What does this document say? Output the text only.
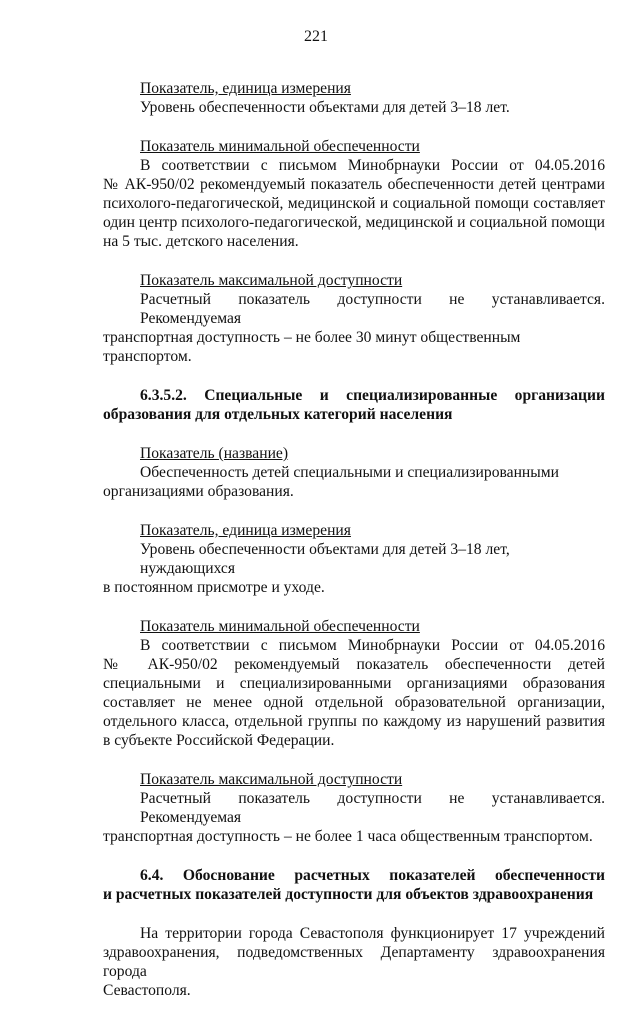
221
Показатель, единица измерения
Уровень обеспеченности объектами для детей 3–18 лет.
Показатель минимальной обеспеченности
В соответствии с письмом Минобрнауки России от 04.05.2016
№ АК-950/02 рекомендуемый показатель обеспеченности детей центрами
психолого-педагогической, медицинской и социальной помощи составляет
один центр психолого-педагогической, медицинской и социальной помощи
на 5 тыс. детского населения.
Показатель максимальной доступности
Расчетный показатель доступности не устанавливается. Рекомендуемая
транспортная доступность – не более 30 минут общественным транспортом.
6.3.5.2. Специальные и специализированные организации
образования для отдельных категорий населения
Показатель (название)
Обеспеченность детей специальными и специализированными
организациями образования.
Показатель, единица измерения
Уровень обеспеченности объектами для детей 3–18 лет, нуждающихся
в постоянном присмотре и уходе.
Показатель минимальной обеспеченности
В соответствии с письмом Минобрнауки России от 04.05.2016
№ АК-950/02 рекомендуемый показатель обеспеченности детей
специальными и специализированными организациями образования
составляет не менее одной отдельной образовательной организации,
отдельного класса, отдельной группы по каждому из нарушений развития
в субъекте Российской Федерации.
Показатель максимальной доступности
Расчетный показатель доступности не устанавливается. Рекомендуемая
транспортная доступность – не более 1 часа общественным транспортом.
6.4. Обоснование расчетных показателей обеспеченности
и расчетных показателей доступности для объектов здравоохранения
На территории города Севастополя функционирует 17 учреждений
здравоохранения, подведомственных Департаменту здравоохранения города
Севастополя.
